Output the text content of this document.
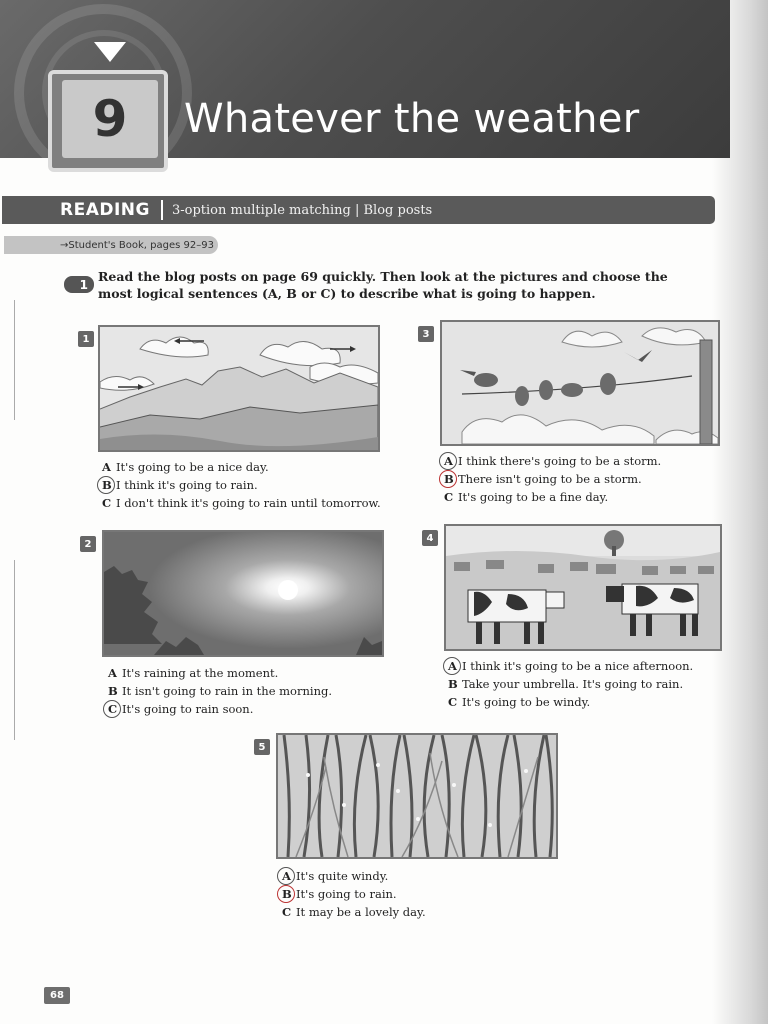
9	Whatever the weather
READING 3-option multiple matching | Blog posts
→Student's Book, pages 92–93
1
Read the blog posts on page 69 quickly. Then look at the pictures and choose the most logical sentences (A, B or C) to describe what is going to happen.
1
A It's going to be a nice day.
B I think it's going to rain.
C I don't think it's going to rain until tomorrow.
3
A I think there's going to be a storm.
B There isn't going to be a storm.
C It's going to be a fine day.
2
A It's raining at the moment.
B It isn't going to rain in the morning.
C It's going to rain soon.
4
A I think it's going to be a nice afternoon.
B Take your umbrella. It's going to rain.
C It's going to be windy.
5
A It's quite windy.
B It's going to rain.
C It may be a lovely day.
68
